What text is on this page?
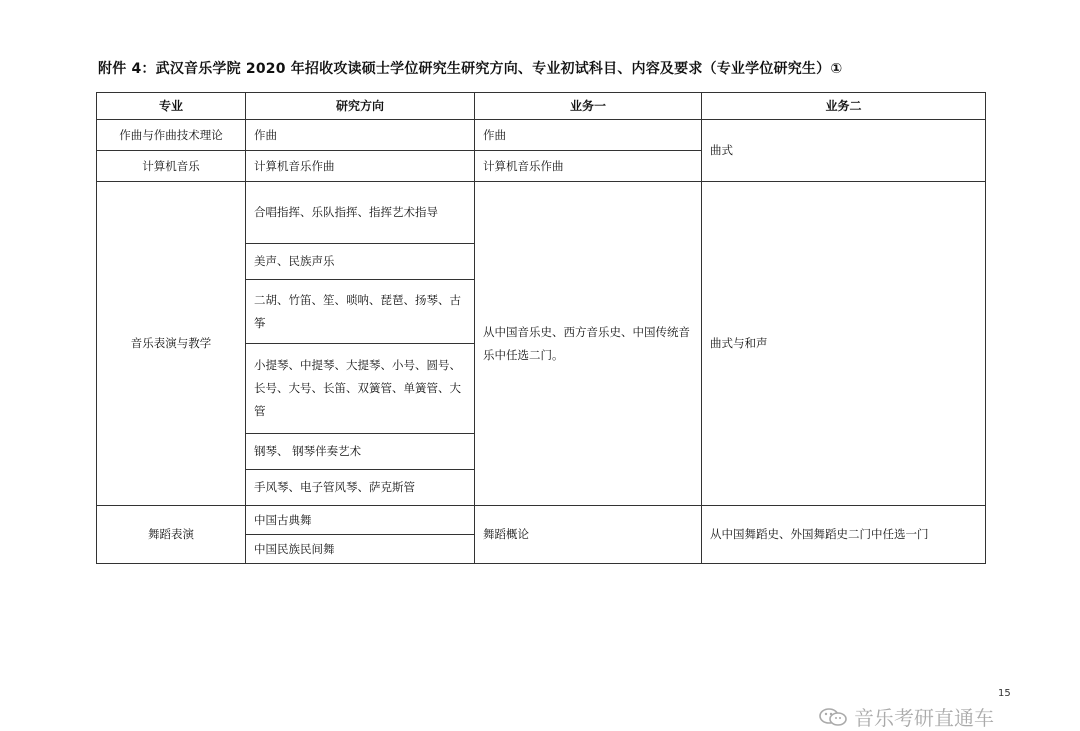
附件 4：武汉音乐学院 2020 年招收攻读硕士学位研究生研究方向、专业初试科目、内容及要求（专业学位研究生）①
专业	研究方向	业务一	业务二
作曲与作曲技术理论	作曲	作曲	曲式
计算机音乐	计算机音乐作曲	计算机音乐作曲	
音乐表演与教学	合唱指挥、乐队指挥、指挥艺术指导	从中国音乐史、西方音乐史、中国传统音乐中任选二门。	曲式与和声
	美声、民族声乐		
	二胡、竹笛、笙、唢呐、琵琶、扬琴、古筝		
	小提琴、中提琴、大提琴、小号、圆号、长号、大号、长笛、双簧管、单簧管、大管		
	钢琴、 钢琴伴奏艺术		
	手风琴、电子管风琴、萨克斯管		
舞蹈表演	中国古典舞	舞蹈概论	从中国舞蹈史、外国舞蹈史二门中任选一门
	中国民族民间舞		
15
音乐考研直通车
